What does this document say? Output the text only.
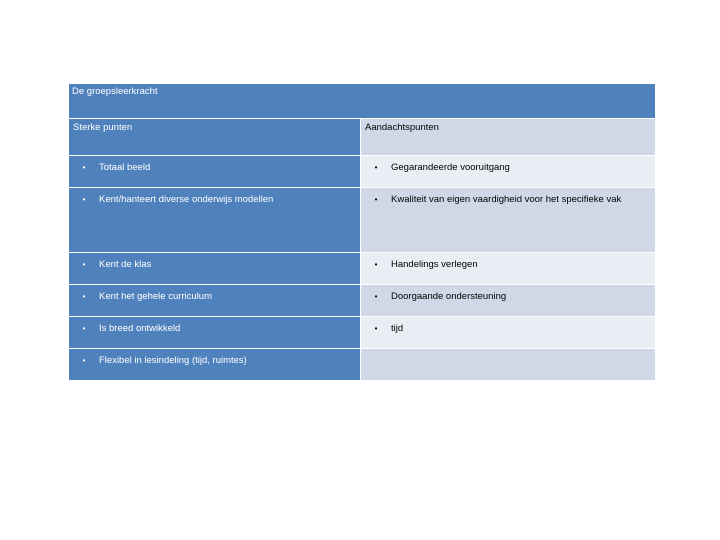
De groepsleerkracht	
Sterke punten	Aandachtspunten

• Totaal beeld	• Gegarandeerde vooruitgang

• Kent/hanteert diverse onderwijs modellen	• Kwaliteit van eigen vaardigheid voor het specifieke vak

• Kent de klas	• Handelings verlegen

• Kent het gehele curriculum	• Doorgaande ondersteuning

• Is breed ontwikkeld	• tijd

• Flexibel in lesindeling (tijd, ruimtes)	
